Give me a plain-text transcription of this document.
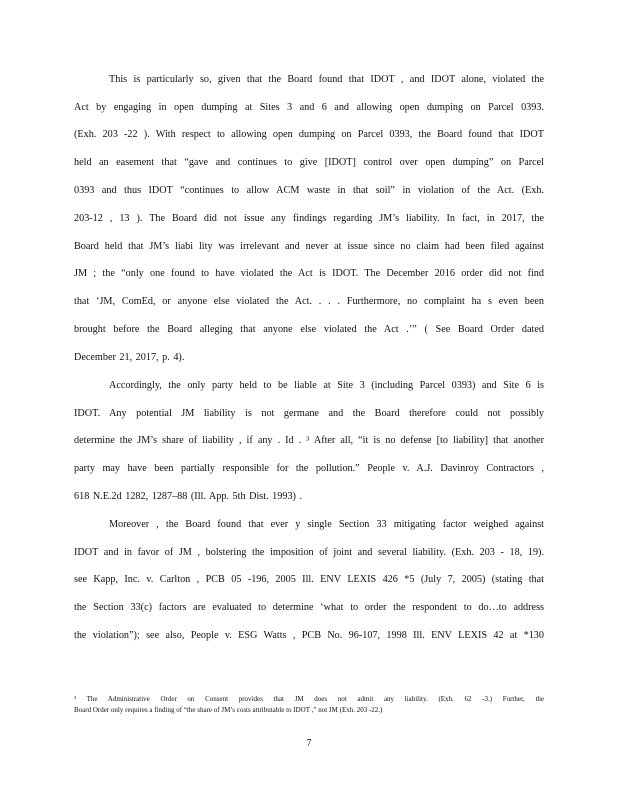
This is particularly so, given that the Board found that IDOT , and IDOT alone, violated the
Act by engaging in open dumping at Sites 3 and 6 and allowing open dumping on Parcel 0393.
(Exh. 203 -22 ). With respect to allowing open dumping on Parcel 0393, the Board found that IDOT
held an easement that “gave and continues to give [IDOT] control over open dumping” on Parcel
0393 and thus IDOT “continues to allow ACM waste in that soil” in violation of the Act. (Exh.
203-12 , 13 ). The Board did not issue any findings regarding JM’s liability. In fact, in 2017, the
Board held that JM’s liabi lity was irrelevant and never at issue since no claim had been filed against
JM ; the “only one found to have violated the Act is IDOT. The December 2016 order did not find
that ‘JM, ComEd, or anyone else violated the Act. . . . Furthermore, no complaint ha s even been
brought before the Board alleging that anyone else violated the Act .’” ( See Board Order dated
December 21, 2017, p. 4).
Accordingly, the only party held to be liable at Site 3 (including Parcel 0393) and Site 6 is
IDOT. Any potential JM liability is not germane and the Board therefore could not possibly
determine the JM’s share of liability , if any . Id . ³ After all, “it is no defense [to liability] that another
party may have been partially responsible for the pollution.” People v. A.J. Davinroy Contractors ,
618 N.E.2d 1282, 1287–88 (Ill. App. 5th Dist. 1993) .
Moreover , the Board found that ever y single Section 33 mitigating factor weighed against
IDOT and in favor of JM , bolstering the imposition of joint and several liability. (Exh. 203 - 18, 19).
see Kapp, Inc. v. Carlton , PCB 05 -196, 2005 Ill. ENV LEXIS 426 *5 (July 7, 2005) (stating that
the Section 33(c) factors are evaluated to determine ‘what to order the respondent to do…to address
the violation”); see also, People v. ESG Watts , PCB No. 96-107, 1998 Ill. ENV LEXIS 42 at *130
³ The Administrative Order on Consent provides that JM does not admit any liability. (Exh. 62 -3.) Further, the
Board Order only requires a finding of “the share of JM’s costs attributable to IDOT ,” not JM (Exh. 203 -22.)
7
